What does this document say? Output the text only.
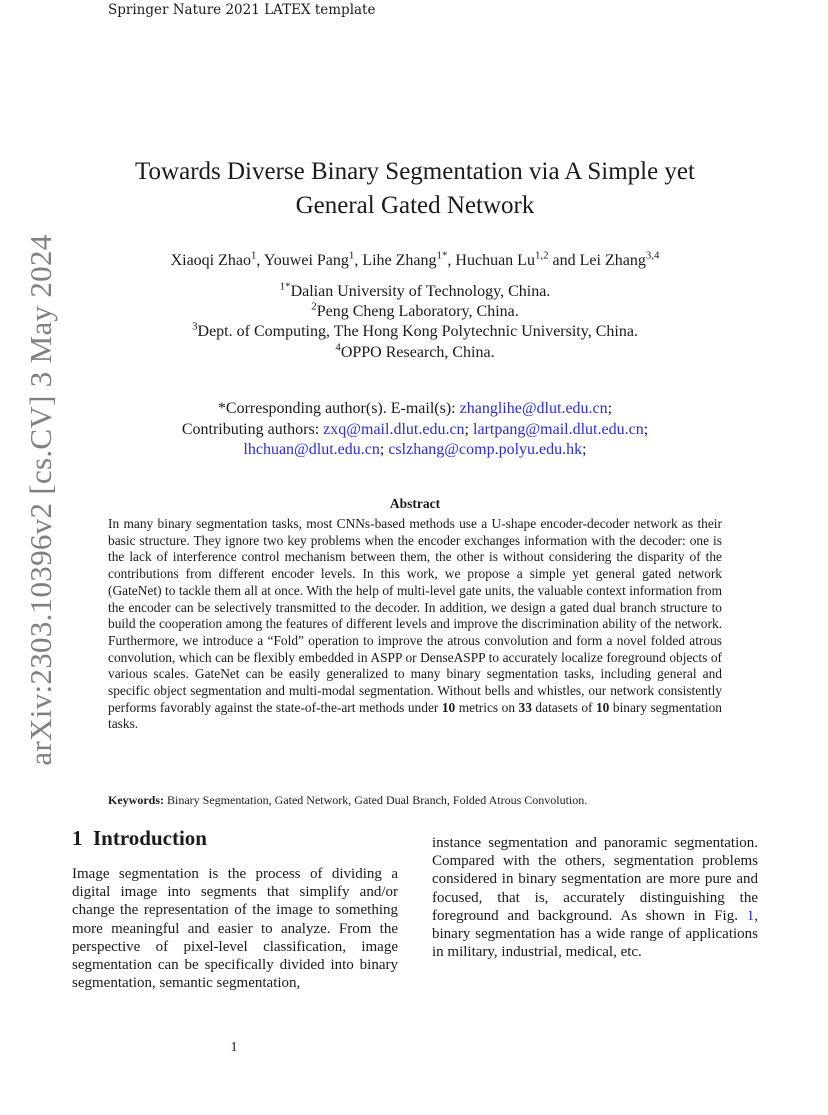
Springer Nature 2021 LATEX template
arXiv:2303.10396v2 [cs.CV] 3 May 2024
Towards Diverse Binary Segmentation via A Simple yet
General Gated Network
Xiaoqi Zhao$^1$, Youwei Pang$^1$, Lihe Zhang$^{1*}$, Huchuan Lu$^{1,2}$ and Lei Zhang$^{3,4}$
$^{1*}$Dalian University of Technology, China.
$^2$Peng Cheng Laboratory, China.
$^3$Dept. of Computing, The Hong Kong Polytechnic University, China.
$^4$OPPO Research, China.
*Corresponding author(s). E-mail(s): zhanglihe@dlut.edu.cn;
Contributing authors: zxq@mail.dlut.edu.cn; lartpang@mail.dlut.edu.cn;
lhchuan@dlut.edu.cn; cslzhang@comp.polyu.edu.hk;
Abstract
In many binary segmentation tasks, most CNNs-based methods use a U-shape encoder-decoder network as their basic structure. They ignore two key problems when the encoder exchanges information with the decoder: one is the lack of interference control mechanism between them, the other is without considering the disparity of the contributions from different encoder levels. In this work, we propose a simple yet general gated network (GateNet) to tackle them all at once. With the help of multi-level gate units, the valuable context information from the encoder can be selectively transmitted to the decoder. In addition, we design a gated dual branch structure to build the cooperation among the features of different levels and improve the discrimination ability of the network. Furthermore, we introduce a “Fold” operation to improve the atrous convolution and form a novel folded atrous convolution, which can be flexibly embedded in ASPP or DenseASPP to accurately localize foreground objects of various scales. GateNet can be easily generalized to many binary segmentation tasks, including general and specific object segmentation and multi-modal segmentation. Without bells and whistles, our network consistently performs favorably against the state-of-the-art methods under 10 metrics on 33 datasets of 10 binary segmentation tasks.
Keywords: Binary Segmentation, Gated Network, Gated Dual Branch, Folded Atrous Convolution.
1 Introduction
Image segmentation is the process of dividing a digital image into segments that simplify and/or change the representation of the image to something more meaningful and easier to analyze. From the perspective of pixel-level classification, image segmentation can be specifically divided into binary segmentation, semantic segmentation,
instance segmentation and panoramic segmentation. Compared with the others, segmentation problems considered in binary segmentation are more pure and focused, that is, accurately distinguishing the foreground and background. As shown in Fig. 1, binary segmentation has a wide range of applications in military, industrial, medical, etc.
1
